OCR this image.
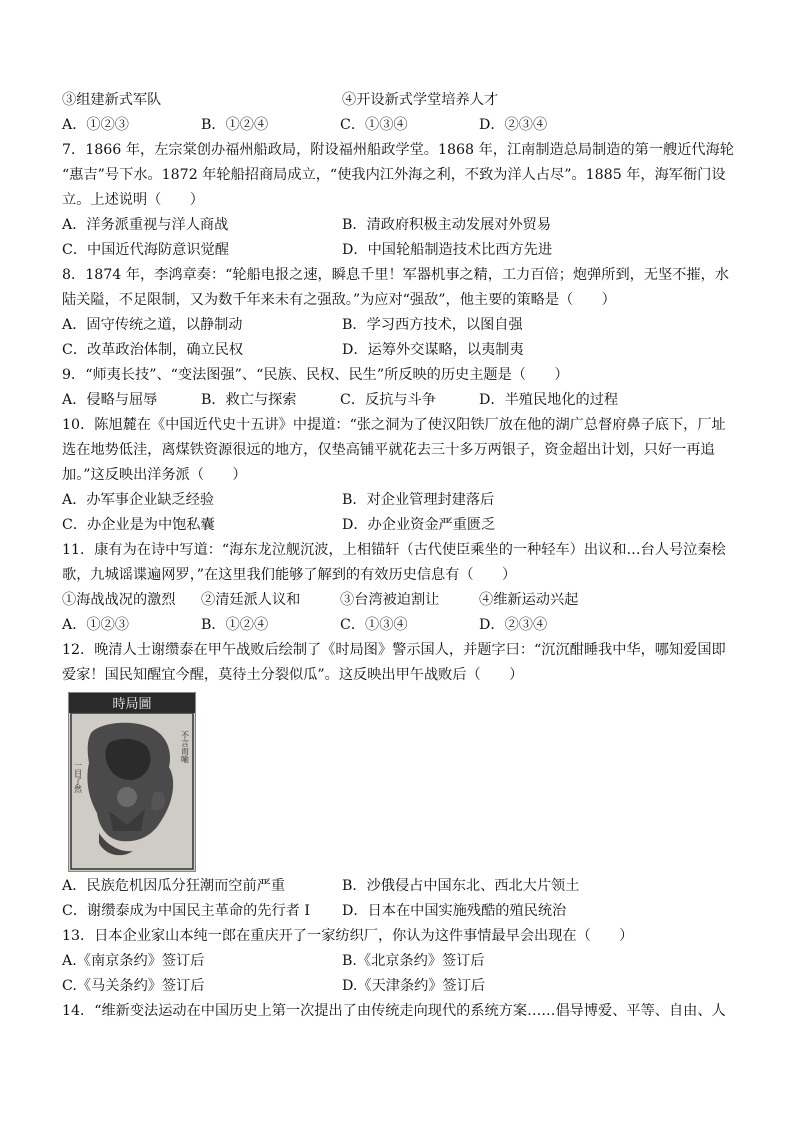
③组建新式军队	④开设新式学堂培养人才
A．①②③	B．①②④	C．①③④	D．②③④
7．1866 年，左宗棠创办福州船政局，附设福州船政学堂。1868 年，江南制造总局制造的第一艘近代海轮
“惠吉”号下水。1872 年轮船招商局成立，“使我内江外海之利，不致为洋人占尽”。1885 年，海军衙门设
立。上述说明（　　）
A．洋务派重视与洋人商战	B．清政府积极主动发展对外贸易
C．中国近代海防意识觉醒	D．中国轮船制造技术比西方先进
8．1874 年，李鸿章奏：“轮船电报之速，瞬息千里！军器机事之精，工力百倍；炮弹所到，无坚不摧，水
陆关隘，不足限制，又为数千年来未有之强敌。”为应对“强敌”，他主要的策略是（　　）
A．固守传统之道，以静制动	B．学习西方技术，以图自强
C．改革政治体制，确立民权	D．运筹外交谋略，以夷制夷
9．“师夷长技”、“变法图强”、“民族、民权、民生”所反映的历史主题是（　　）
A．侵略与屈辱	B．救亡与探索	C．反抗与斗争	D．半殖民地化的过程
10．陈旭麓在《中国近代史十五讲》中提道：“张之洞为了使汉阳铁厂放在他的湖广总督府鼻子底下，厂址
选在地势低洼，离煤铁资源很远的地方，仅垫高铺平就花去三十多万两银子，资金超出计划，只好一再追
加。”这反映出洋务派（　　）
A．办军事企业缺乏经验	B．对企业管理封建落后
C．办企业是为中饱私囊	D．办企业资金严重匮乏
11．康有为在诗中写道：“海东龙泣舰沉波，上相锚轩（古代使臣乘坐的一种轻车）出议和…台人号泣秦桧
歌，九城谣谍遍网罗，”在这里我们能够了解到的有效历史信息有（　　）
①海战战况的激烈	②清廷派人议和	③台湾被迫割让	④维新运动兴起
A．①②③	B．①②④	C．①③④	D．②③④
12．晚清人士谢缵泰在甲午战败后绘制了《时局图》警示国人，并题字曰：“沉沉酣睡我中华，哪知爱国即
爱家！国民知醒宜今醒，莫待土分裂似瓜”。这反映出甲午战败后（　　）
時局圖
不言而喻
一目了然
A．民族危机因瓜分狂潮而空前严重	B．沙俄侵占中国东北、西北大片领土
C．谢缵泰成为中国民主革命的先行者 I	D．日本在中国实施残酷的殖民统治
13．日本企业家山本纯一郎在重庆开了一家纺织厂，你认为这件事情最早会出现在（　　）
A.《南京条约》签订后	B.《北京条约》签订后
C.《马关条约》签订后	D.《天津条约》签订后
14．“维新变法运动在中国历史上第一次提出了由传统走向现代的系统方案……倡导博爱、平等、自由、人
